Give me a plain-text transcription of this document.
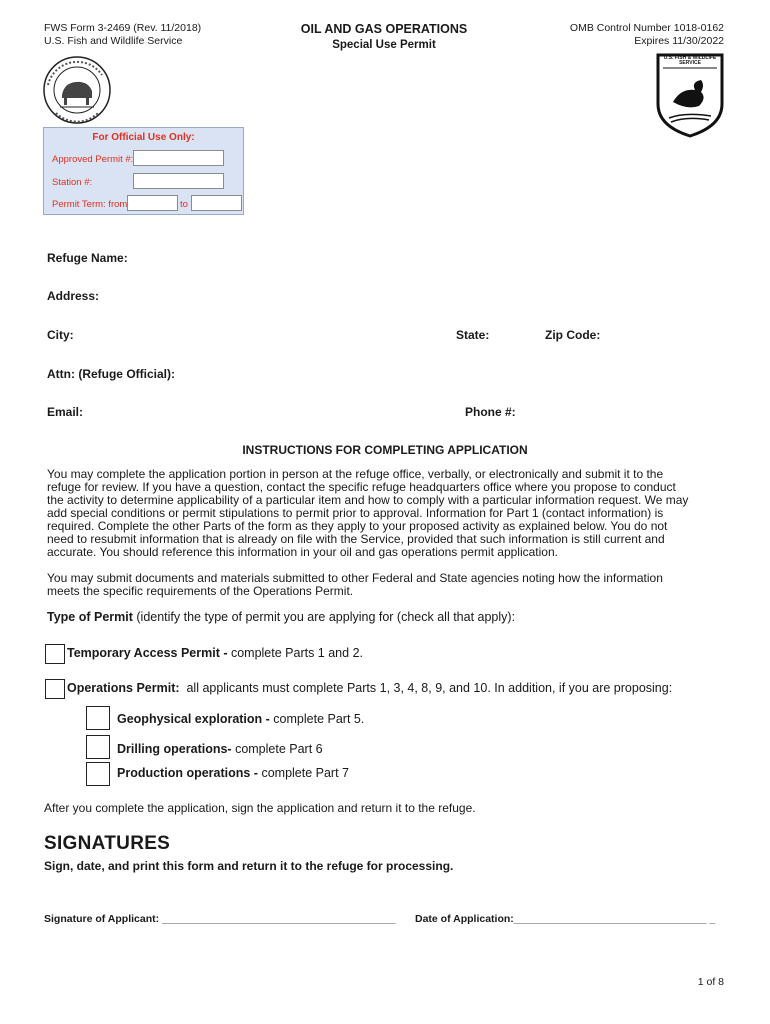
FWS Form 3-2469 (Rev. 11/2018)
U.S. Fish and Wildlife Service
OIL AND GAS OPERATIONS
Special Use Permit
OMB Control Number 1018-0162
Expires 11/30/2022
U.S. FISH & WILDLIFE SERVICE
For Official Use Only:
Approved Permit #:
Station #:
Permit Term: from	to
Refuge Name:
Address:
City:	State:	Zip Code:
Attn: (Refuge Official):
Email:	Phone #:
INSTRUCTIONS FOR COMPLETING APPLICATION
You may complete the application portion in person at the refuge office, verbally, or electronically and submit it to the
refuge for review. If you have a question, contact the specific refuge headquarters office where you propose to conduct
the activity to determine applicability of a particular item and how to comply with a particular information request. We may
add special conditions or permit stipulations to permit prior to approval. Information for Part 1 (contact information) is
required. Complete the other Parts of the form as they apply to your proposed activity as explained below. You do not
need to resubmit information that is already on file with the Service, provided that such information is still current and
accurate. You should reference this information in your oil and gas operations permit application.
You may submit documents and materials submitted to other Federal and State agencies noting how the information
meets the specific requirements of the Operations Permit.
Type of Permit (identify the type of permit you are applying for (check all that apply):
Temporary Access Permit - complete Parts 1 and 2.
Operations Permit:  all applicants must complete Parts 1, 3, 4, 8, 9, and 10. In addition, if you are proposing:
Geophysical exploration - complete Part 5.
Drilling operations- complete Part 6
Production operations - complete Part 7
After you complete the application, sign the application and return it to the refuge.
SIGNATURES
Sign, date, and print this form and return it to the refuge for processing.
Signature of Applicant: ________________________________________ Date of Application:_________________________________ _
1 of 8
